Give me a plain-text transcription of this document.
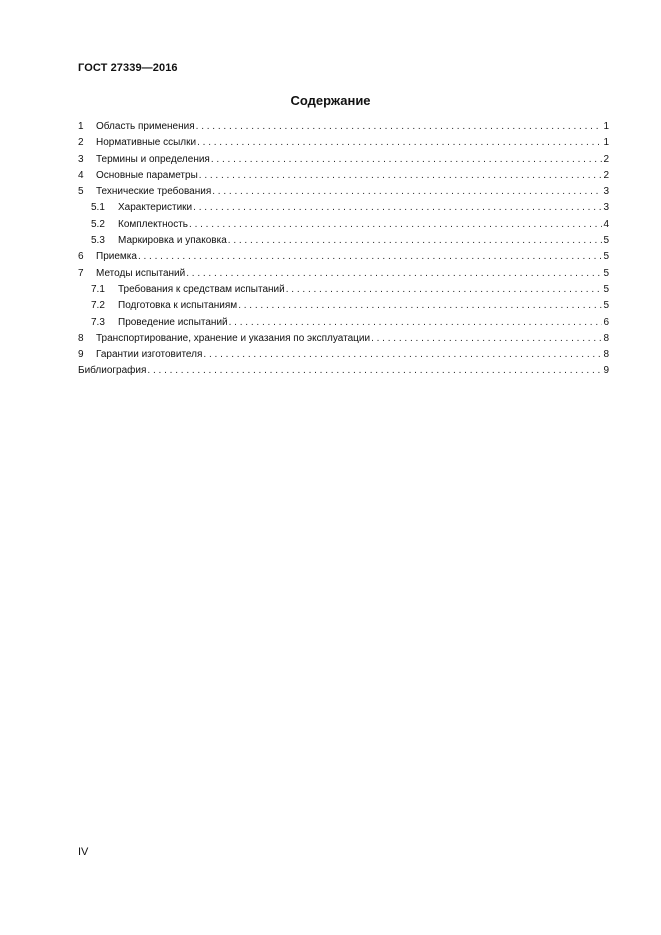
ГОСТ 27339—2016
Содержание
1	Область применения . . .	1
2	Нормативные ссылки . . .	1
3	Термины и определения . . .	2
4	Основные параметры . . .	2
5	Технические требования . . .	3
5.1	Характеристики . . .	3
5.2	Комплектность . . .	4
5.3	Маркировка и упаковка . . .	5
6	Приемка . . .	5
7	Методы испытаний . . .	5
7.1	Требования к средствам испытаний . . .	5
7.2	Подготовка к испытаниям . . .	5
7.3	Проведение испытаний . . .	6
8	Транспортирование, хранение и указания по эксплуатации . . .	8
9	Гарантии изготовителя . . .	8
Библиография . . .	9
IV
